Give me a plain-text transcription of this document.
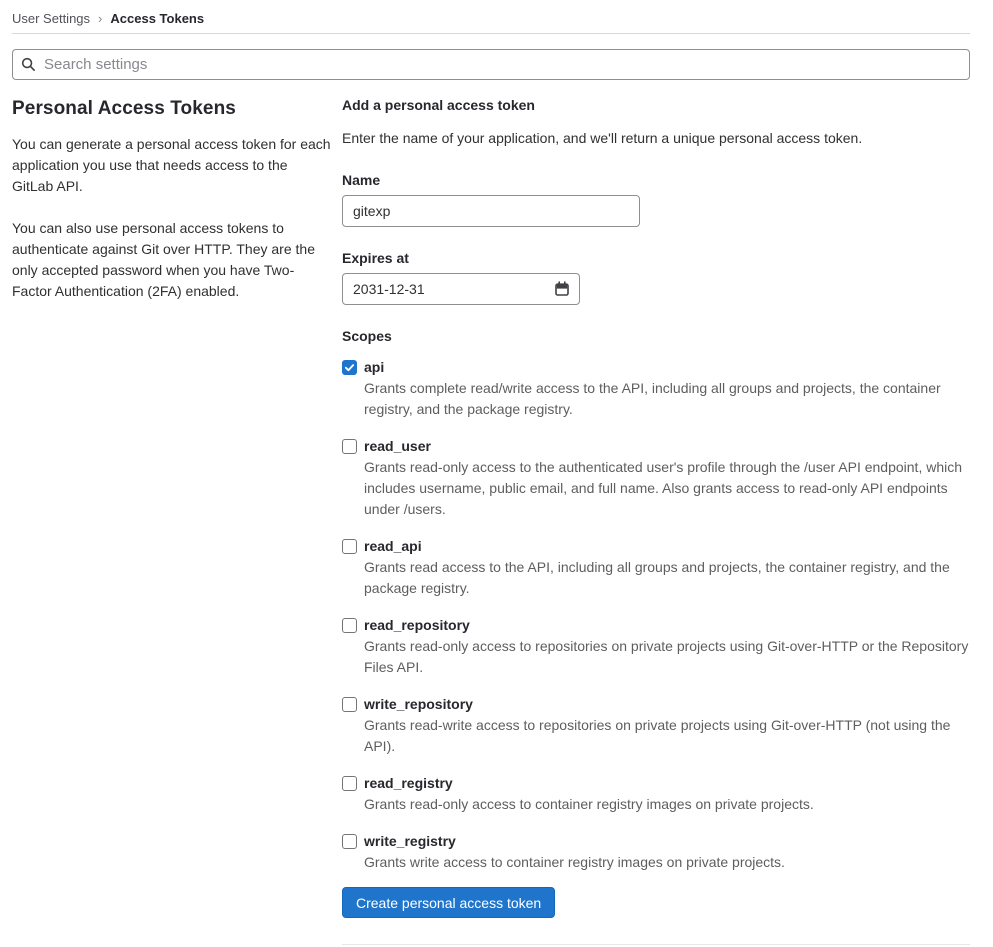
User Settings › Access Tokens
Search settings
Personal Access Tokens

You can generate a personal access token for each application you use that needs access to the GitLab API.

You can also use personal access tokens to authenticate against Git over HTTP. They are the only accepted password when you have Two-Factor Authentication (2FA) enabled.

Add a personal access token

Enter the name of your application, and we'll return a unique personal access token.

Name
gitexp
Expires at
2031-12-31
Scopes
api

Grants complete read/write access to the API, including all groups and projects, the container registry, and the package registry.

read_user

Grants read-only access to the authenticated user's profile through the /user API endpoint, which includes username, public email, and full name. Also grants access to read-only API endpoints under /users.

read_api

Grants read access to the API, including all groups and projects, the container registry, and the package registry.

read_repository

Grants read-only access to repositories on private projects using Git-over-HTTP or the Repository Files API.

write_repository

Grants read-write access to repositories on private projects using Git-over-HTTP (not using the API).

read_registry

Grants read-only access to container registry images on private projects.

write_registry

Grants write access to container registry images on private projects.

Create personal access token
